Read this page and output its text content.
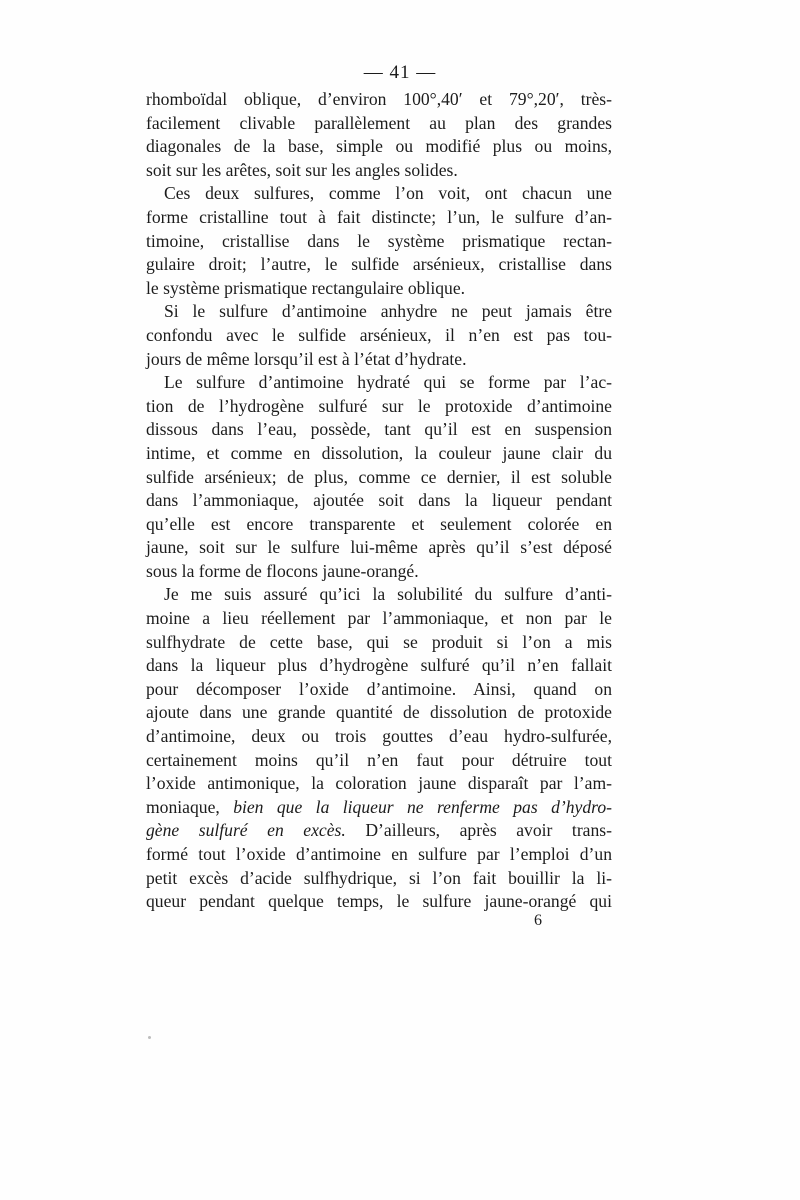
— 41 —
rhomboïdal oblique, d’environ 100°,40′ et 79°,20′, très-
facilement clivable parallèlement au plan des grandes
diagonales de la base, simple ou modifié plus ou moins,
soit sur les arêtes, soit sur les angles solides.
Ces deux sulfures, comme l’on voit, ont chacun une
forme cristalline tout à fait distincte; l’un, le sulfure d’an-
timoine, cristallise dans le système prismatique rectan-
gulaire droit; l’autre, le sulfide arsénieux, cristallise dans
le système prismatique rectangulaire oblique.
Si le sulfure d’antimoine anhydre ne peut jamais être
confondu avec le sulfide arsénieux, il n’en est pas tou-
jours de même lorsqu’il est à l’état d’hydrate.
Le sulfure d’antimoine hydraté qui se forme par l’ac-
tion de l’hydrogène sulfuré sur le protoxide d’antimoine
dissous dans l’eau, possède, tant qu’il est en suspension
intime, et comme en dissolution, la couleur jaune clair du
sulfide arsénieux; de plus, comme ce dernier, il est soluble
dans l’ammoniaque, ajoutée soit dans la liqueur pendant
qu’elle est encore transparente et seulement colorée en
jaune, soit sur le sulfure lui-même après qu’il s’est déposé
sous la forme de flocons jaune-orangé.
Je me suis assuré qu’ici la solubilité du sulfure d’anti-
moine a lieu réellement par l’ammoniaque, et non par le
sulfhydrate de cette base, qui se produit si l’on a mis
dans la liqueur plus d’hydrogène sulfuré qu’il n’en fallait
pour décomposer l’oxide d’antimoine. Ainsi, quand on
ajoute dans une grande quantité de dissolution de protoxide
d’antimoine, deux ou trois gouttes d’eau hydro-sulfurée,
certainement moins qu’il n’en faut pour détruire tout
l’oxide antimonique, la coloration jaune disparaît par l’am-
moniaque, bien que la liqueur ne renferme pas d’hydro-
gène sulfuré en excès. D’ailleurs, après avoir trans-
formé tout l’oxide d’antimoine en sulfure par l’emploi d’un
petit excès d’acide sulfhydrique, si l’on fait bouillir la li-
queur pendant quelque temps, le sulfure jaune-orangé qui
6
